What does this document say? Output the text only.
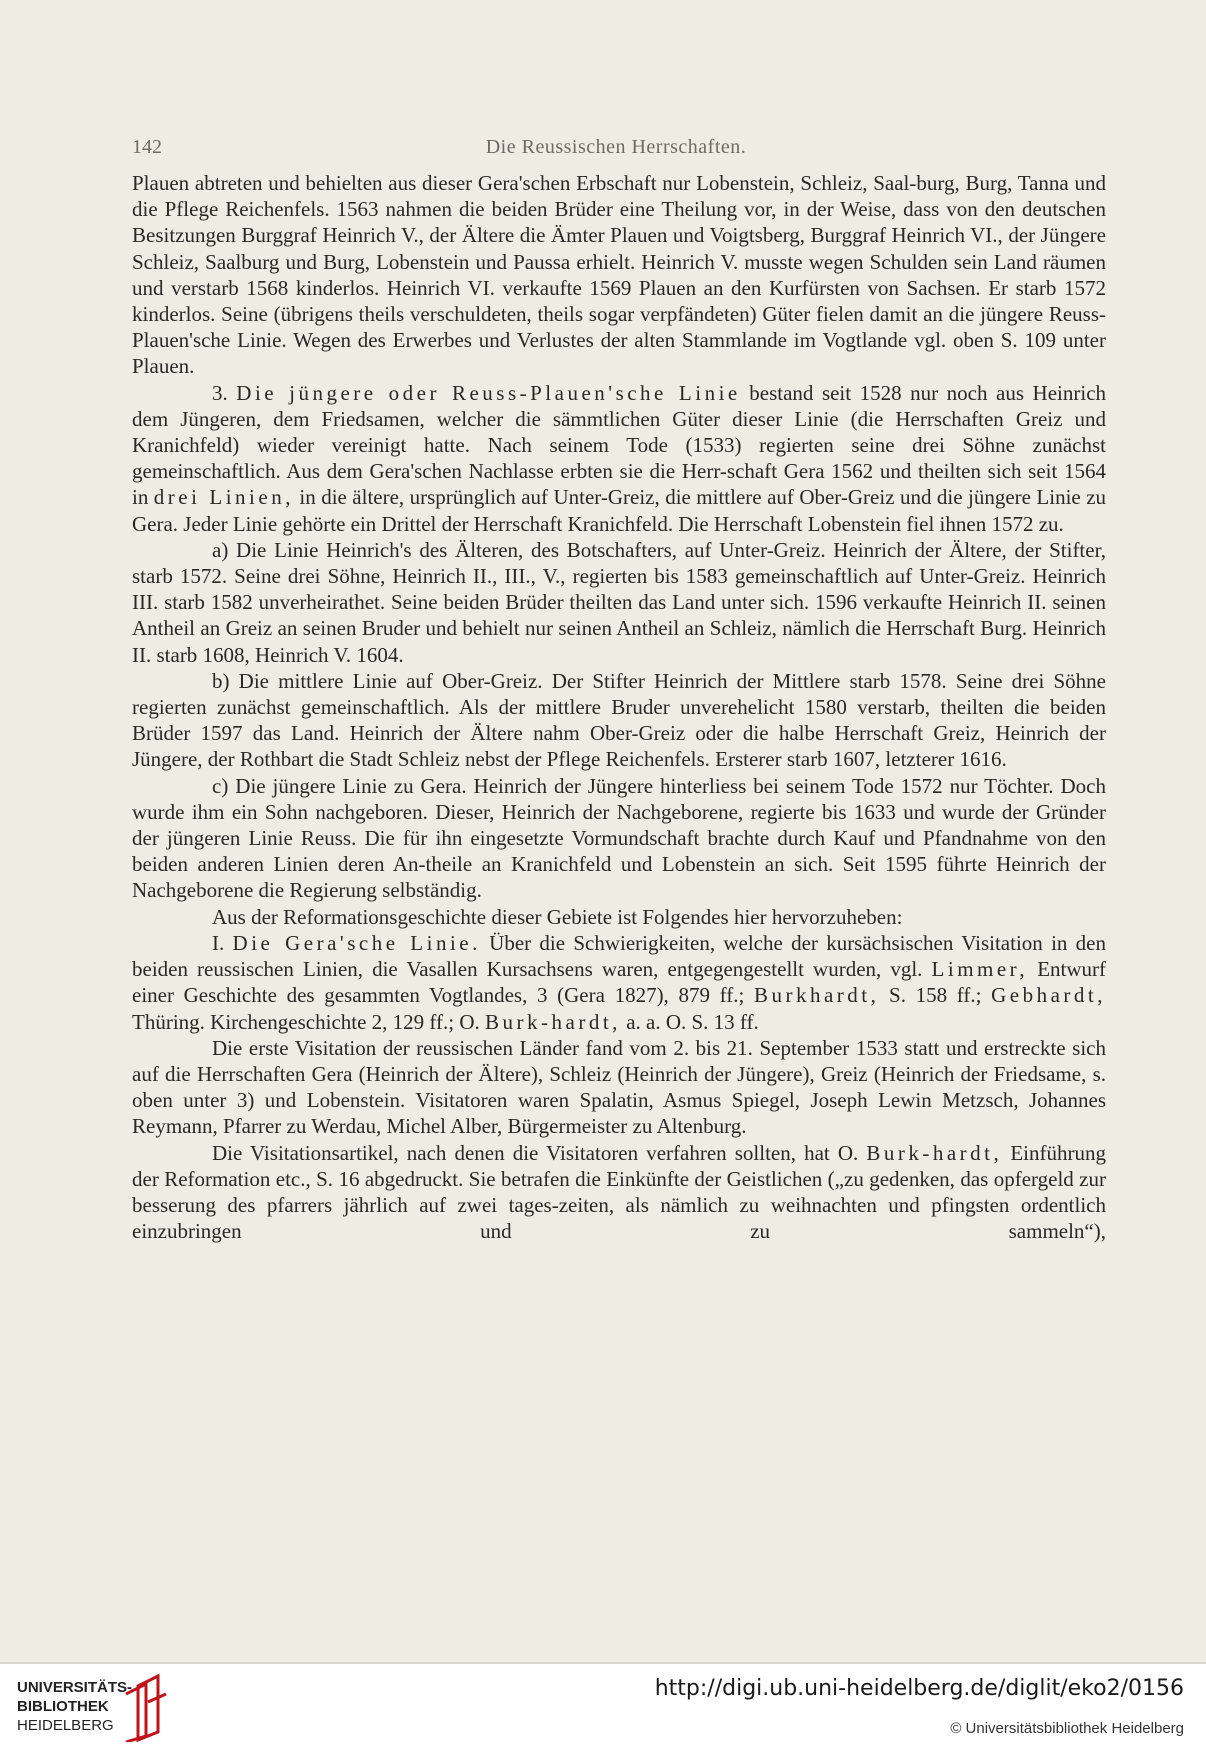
142	Die Reussischen Herrschaften.

Plauen abtreten und behielten aus dieser Gera'schen Erbschaft nur Lobenstein, Schleiz, Saal-burg, Burg, Tanna und die Pflege Reichenfels. 1563 nahmen die beiden Brüder eine Theilung vor, in der Weise, dass von den deutschen Besitzungen Burggraf Heinrich V., der Ältere die Ämter Plauen und Voigtsberg, Burggraf Heinrich VI., der Jüngere Schleiz, Saalburg und Burg, Lobenstein und Paussa erhielt. Heinrich V. musste wegen Schulden sein Land räumen und verstarb 1568 kinderlos. Heinrich VI. verkaufte 1569 Plauen an den Kurfürsten von Sachsen. Er starb 1572 kinderlos. Seine (übrigens theils verschuldeten, theils sogar verpfändeten) Güter fielen damit an die jüngere Reuss-Plauen'sche Linie. Wegen des Erwerbes und Verlustes der alten Stammlande im Vogtlande vgl. oben S. 109 unter Plauen.

3. Die jüngere oder Reuss-Plauen'sche Linie bestand seit 1528 nur noch aus Heinrich dem Jüngeren, dem Friedsamen, welcher die sämmtlichen Güter dieser Linie (die Herrschaften Greiz und Kranichfeld) wieder vereinigt hatte. Nach seinem Tode (1533) regierten seine drei Söhne zunächst gemeinschaftlich. Aus dem Gera'schen Nachlasse erbten sie die Herr-schaft Gera 1562 und theilten sich seit 1564 in drei Linien, in die ältere, ursprünglich auf Unter-Greiz, die mittlere auf Ober-Greiz und die jüngere Linie zu Gera. Jeder Linie gehörte ein Drittel der Herrschaft Kranichfeld. Die Herrschaft Lobenstein fiel ihnen 1572 zu.

a) Die Linie Heinrich's des Älteren, des Botschafters, auf Unter-Greiz. Heinrich der Ältere, der Stifter, starb 1572. Seine drei Söhne, Heinrich II., III., V., regierten bis 1583 gemeinschaftlich auf Unter-Greiz. Heinrich III. starb 1582 unverheirathet. Seine beiden Brüder theilten das Land unter sich. 1596 verkaufte Heinrich II. seinen Antheil an Greiz an seinen Bruder und behielt nur seinen Antheil an Schleiz, nämlich die Herrschaft Burg. Heinrich II. starb 1608, Heinrich V. 1604.

b) Die mittlere Linie auf Ober-Greiz. Der Stifter Heinrich der Mittlere starb 1578. Seine drei Söhne regierten zunächst gemeinschaftlich. Als der mittlere Bruder unverehelicht 1580 verstarb, theilten die beiden Brüder 1597 das Land. Heinrich der Ältere nahm Ober-Greiz oder die halbe Herrschaft Greiz, Heinrich der Jüngere, der Rothbart die Stadt Schleiz nebst der Pflege Reichenfels. Ersterer starb 1607, letzterer 1616.

c) Die jüngere Linie zu Gera. Heinrich der Jüngere hinterliess bei seinem Tode 1572 nur Töchter. Doch wurde ihm ein Sohn nachgeboren. Dieser, Heinrich der Nachgeborene, regierte bis 1633 und wurde der Gründer der jüngeren Linie Reuss. Die für ihn eingesetzte Vormundschaft brachte durch Kauf und Pfandnahme von den beiden anderen Linien deren An-theile an Kranichfeld und Lobenstein an sich. Seit 1595 führte Heinrich der Nachgeborene die Regierung selbständig.

Aus der Reformationsgeschichte dieser Gebiete ist Folgendes hier hervorzuheben:

I. Die Gera'sche Linie. Über die Schwierigkeiten, welche der kursächsischen Visitation in den beiden reussischen Linien, die Vasallen Kursachsens waren, entgegengestellt wurden, vgl. Limmer, Entwurf einer Geschichte des gesammten Vogtlandes, 3 (Gera 1827), 879 ff.; Burkhardt, S. 158 ff.; Gebhardt, Thüring. Kirchengeschichte 2, 129 ff.; O. Burk-hardt, a. a. O. S. 13 ff.

Die erste Visitation der reussischen Länder fand vom 2. bis 21. September 1533 statt und erstreckte sich auf die Herrschaften Gera (Heinrich der Ältere), Schleiz (Heinrich der Jüngere), Greiz (Heinrich der Friedsame, s. oben unter 3) und Lobenstein. Visitatoren waren Spalatin, Asmus Spiegel, Joseph Lewin Metzsch, Johannes Reymann, Pfarrer zu Werdau, Michel Alber, Bürgermeister zu Altenburg.

Die Visitationsartikel, nach denen die Visitatoren verfahren sollten, hat O. Burk-hardt, Einführung der Reformation etc., S. 16 abgedruckt. Sie betrafen die Einkünfte der Geistlichen („zu gedenken, das opfergeld zur besserung des pfarrers jährlich auf zwei tages-zeiten, als nämlich zu weihnachten und pfingsten ordentlich einzubringen und zu sammeln“),

UNIVERSITÄTS-
BIBLIOTHEK
HEIDELBERG
http://digi.ub.uni-heidelberg.de/diglit/eko2/0156
© Universitätsbibliothek Heidelberg
